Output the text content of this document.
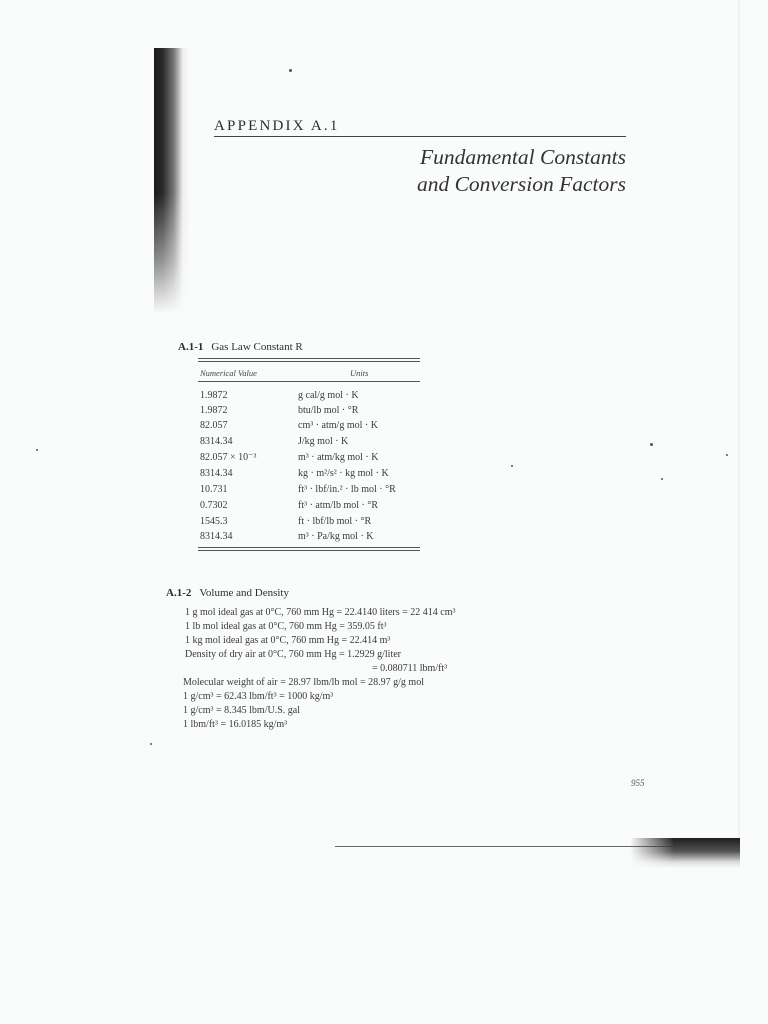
APPENDIX A.1
Fundamental Constants
and Conversion Factors
A.1-1 Gas Law Constant R
Numerical Value	Units
1.9872	g cal/g mol · K
1.9872	btu/lb mol · °R
82.057	cm³ · atm/g mol · K
8314.34	J/kg mol · K
82.057 × 10⁻³	m³ · atm/kg mol · K
8314.34	kg · m²/s² · kg mol · K
10.731	ft³ · lbf/in.² · lb mol · °R
0.7302	ft³ · atm/lb mol · °R
1545.3	ft · lbf/lb mol · °R
8314.34	m³ · Pa/kg mol · K
A.1-2 Volume and Density
1 g mol ideal gas at 0°C, 760 mm Hg = 22.4140 liters = 22 414 cm³
1 lb mol ideal gas at 0°C, 760 mm Hg = 359.05 ft³
1 kg mol ideal gas at 0°C, 760 mm Hg = 22.414 m³
Density of dry air at 0°C, 760 mm Hg = 1.2929 g/liter
= 0.080711 lbm/ft³
Molecular weight of air = 28.97 lbm/lb mol = 28.97 g/g mol
1 g/cm³ = 62.43 lbm/ft³ = 1000 kg/m³
1 g/cm³ = 8.345 lbm/U.S. gal
1 lbm/ft³ = 16.0185 kg/m³
955
